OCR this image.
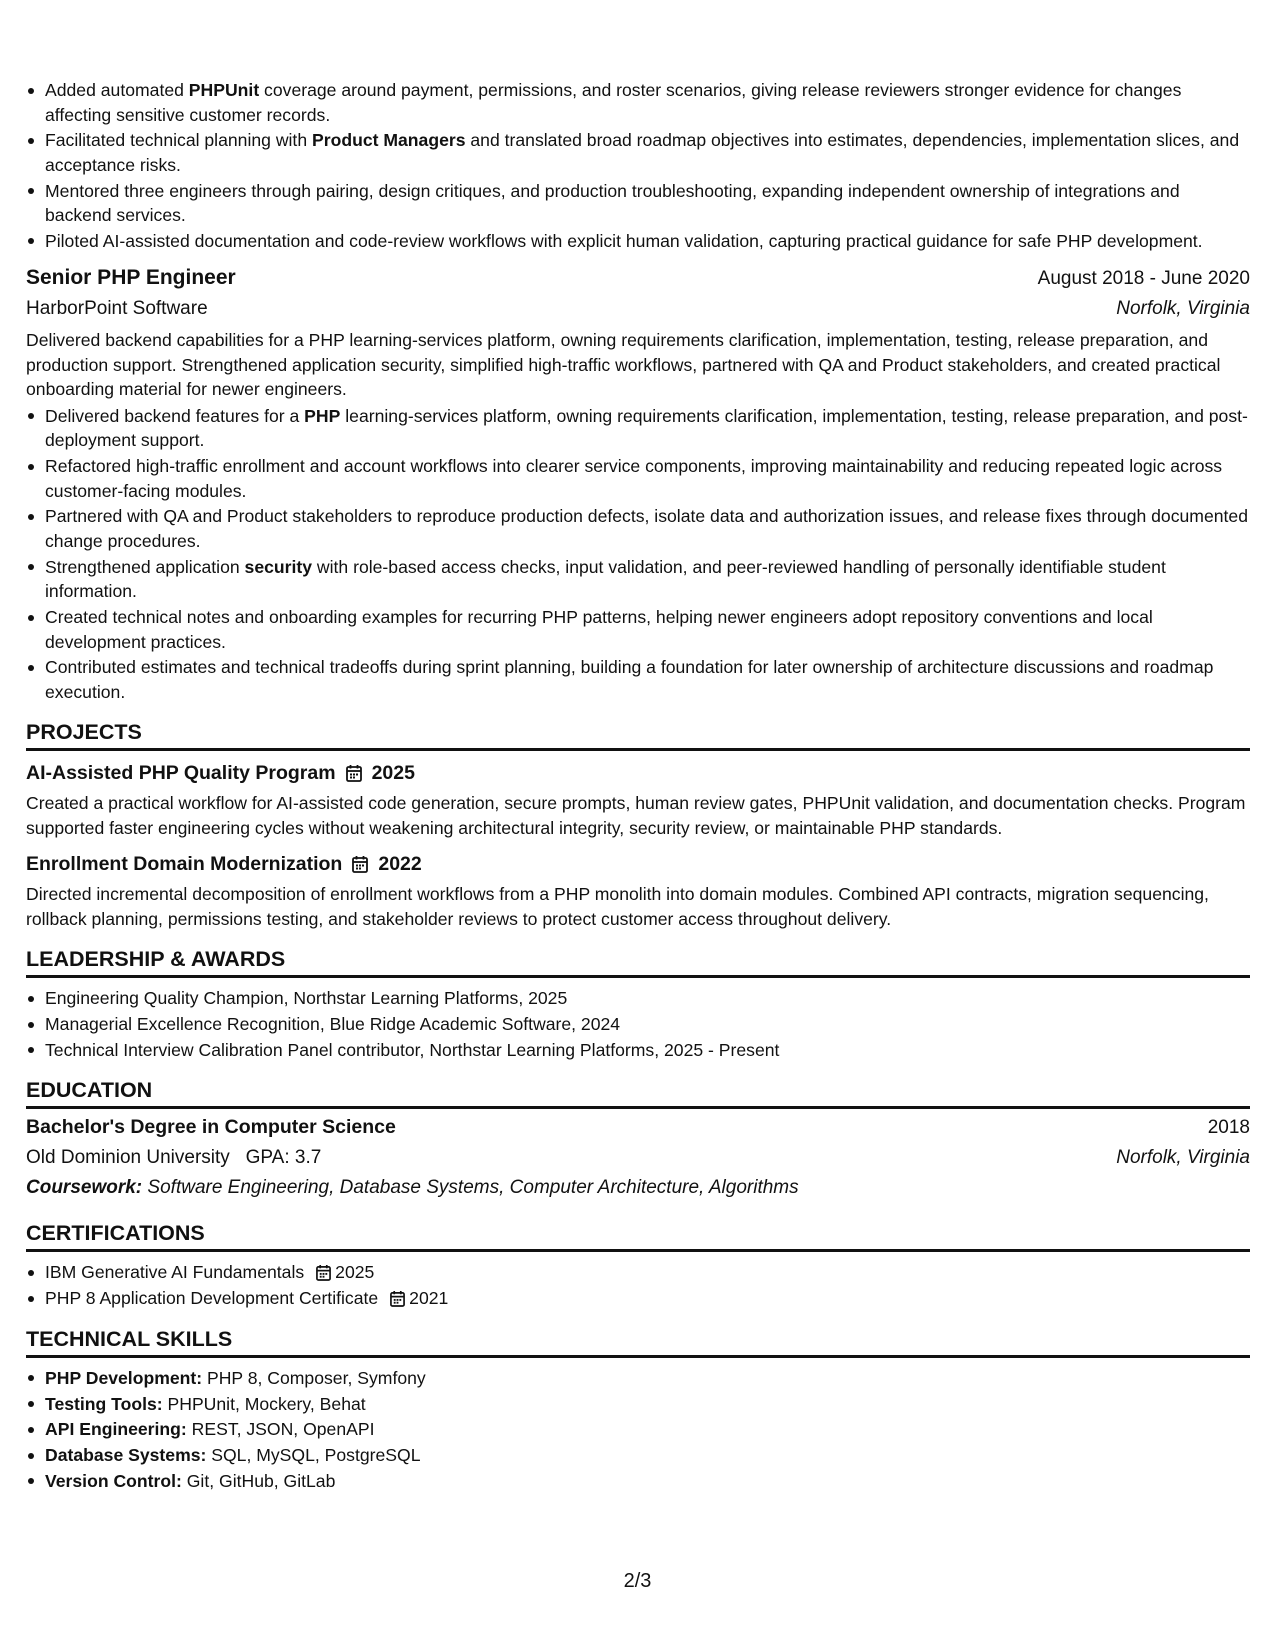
Added automated PHPUnit coverage around payment, permissions, and roster scenarios, giving release reviewers stronger evidence for changes affecting sensitive customer records.
Facilitated technical planning with Product Managers and translated broad roadmap objectives into estimates, dependencies, implementation slices, and acceptance risks.
Mentored three engineers through pairing, design critiques, and production troubleshooting, expanding independent ownership of integrations and backend services.
Piloted AI-assisted documentation and code-review workflows with explicit human validation, capturing practical guidance for safe PHP development.
Senior PHP Engineer	August 2018 - June 2020
HarborPoint Software	Norfolk, Virginia
Delivered backend capabilities for a PHP learning-services platform, owning requirements clarification, implementation, testing, release preparation, and production support. Strengthened application security, simplified high-traffic workflows, partnered with QA and Product stakeholders, and created practical onboarding material for newer engineers.
Delivered backend features for a PHP learning-services platform, owning requirements clarification, implementation, testing, release preparation, and post-deployment support.
Refactored high-traffic enrollment and account workflows into clearer service components, improving maintainability and reducing repeated logic across customer-facing modules.
Partnered with QA and Product stakeholders to reproduce production defects, isolate data and authorization issues, and release fixes through documented change procedures.
Strengthened application security with role-based access checks, input validation, and peer-reviewed handling of personally identifiable student information.
Created technical notes and onboarding examples for recurring PHP patterns, helping newer engineers adopt repository conventions and local development practices.
Contributed estimates and technical tradeoffs during sprint planning, building a foundation for later ownership of architecture discussions and roadmap execution.
PROJECTS
AI-Assisted PHP Quality Program 2025
Created a practical workflow for AI-assisted code generation, secure prompts, human review gates, PHPUnit validation, and documentation checks. Program supported faster engineering cycles without weakening architectural integrity, security review, or maintainable PHP standards.
Enrollment Domain Modernization 2022
Directed incremental decomposition of enrollment workflows from a PHP monolith into domain modules. Combined API contracts, migration sequencing, rollback planning, permissions testing, and stakeholder reviews to protect customer access throughout delivery.
LEADERSHIP & AWARDS
Engineering Quality Champion, Northstar Learning Platforms, 2025
Managerial Excellence Recognition, Blue Ridge Academic Software, 2024
Technical Interview Calibration Panel contributor, Northstar Learning Platforms, 2025 - Present
EDUCATION
Bachelor's Degree in Computer Science	2018
Old Dominion University GPA: 3.7	Norfolk, Virginia
Coursework: Software Engineering, Database Systems, Computer Architecture, Algorithms
CERTIFICATIONS
IBM Generative AI Fundamentals 2025
PHP 8 Application Development Certificate 2021
TECHNICAL SKILLS
PHP Development: PHP 8, Composer, Symfony
Testing Tools: PHPUnit, Mockery, Behat
API Engineering: REST, JSON, OpenAPI
Database Systems: SQL, MySQL, PostgreSQL
Version Control: Git, GitHub, GitLab
2/3
